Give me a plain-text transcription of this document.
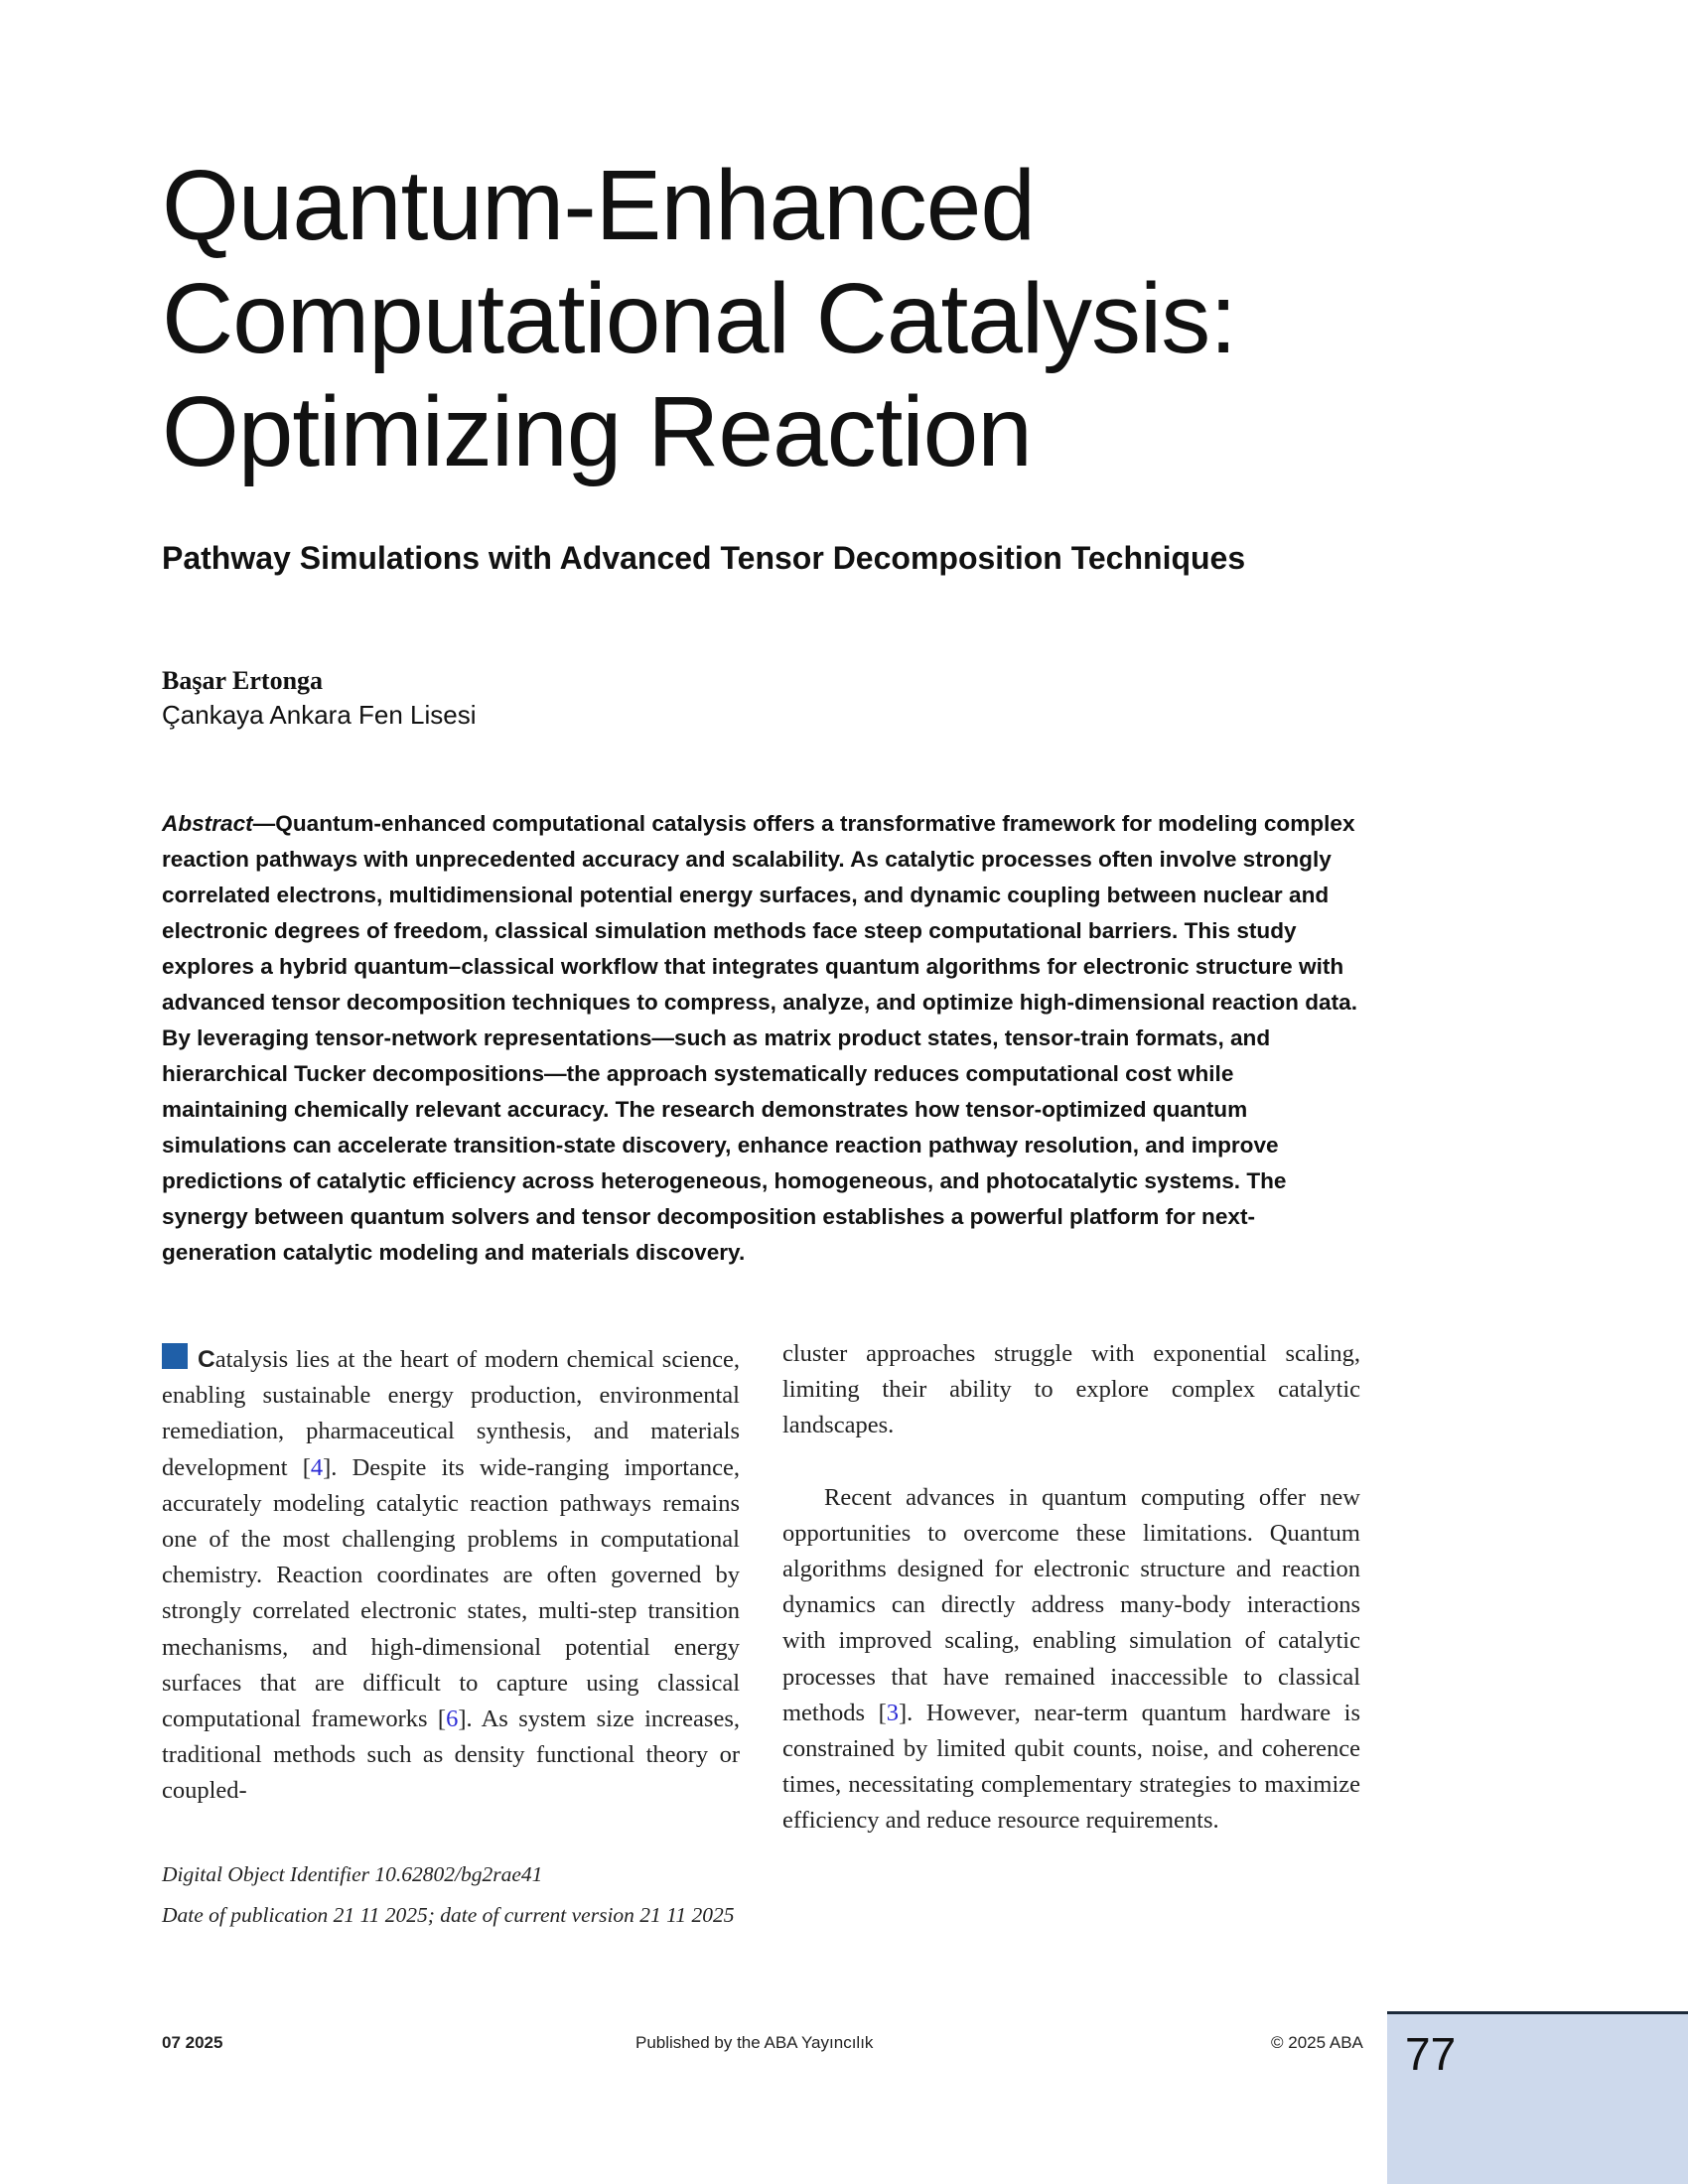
Quantum-Enhanced Computational Catalysis: Optimizing Reaction
Pathway Simulations with Advanced Tensor Decomposition Techniques
Başar Ertonga
Çankaya Ankara Fen Lisesi

Abstract—Quantum-enhanced computational catalysis offers a transformative framework for modeling complex reaction pathways with unprecedented accuracy and scalability. As catalytic processes often involve strongly correlated electrons, multidimensional potential energy surfaces, and dynamic coupling between nuclear and electronic degrees of freedom, classical simulation methods face steep computational barriers. This study explores a hybrid quantum–classical workflow that integrates quantum algorithms for electronic structure with advanced tensor decomposition techniques to compress, analyze, and optimize high-dimensional reaction data. By leveraging tensor-network representations—such as matrix product states, tensor-train formats, and hierarchical Tucker decompositions—the approach systematically reduces computational cost while maintaining chemically relevant accuracy. The research demonstrates how tensor-optimized quantum simulations can accelerate transition-state discovery, enhance reaction pathway resolution, and improve predictions of catalytic efficiency across heterogeneous, homogeneous, and photocatalytic systems. The synergy between quantum solvers and tensor decomposition establishes a powerful platform for next-generation catalytic modeling and materials discovery.

Catalysis lies at the heart of modern chemical science, enabling sustainable energy production, environmental remediation, pharmaceutical synthesis, and materials development [4]. Despite its wide-ranging importance, accurately modeling catalytic reaction pathways remains one of the most challenging problems in computational chemistry. Reaction coordinates are often governed by strongly correlated electronic states, multi-step transition mechanisms, and high-dimensional potential energy surfaces that are difficult to capture using classical computational frameworks [6]. As system size increases, traditional methods such as density functional theory or coupled-

Digital Object Identifier 10.62802/bg2rae41
Date of publication 21 11 2025; date of current version 21 11 2025

cluster approaches struggle with exponential scaling, limiting their ability to explore complex catalytic landscapes.

Recent advances in quantum computing offer new opportunities to overcome these limitations. Quantum algorithms designed for electronic structure and reaction dynamics can directly address many-body interactions with improved scaling, enabling simulation of catalytic processes that have remained inaccessible to classical methods [3]. However, near-term quantum hardware is constrained by limited qubit counts, noise, and coherence times, necessitating complementary strategies to maximize efficiency and reduce resource requirements.

07 2025	Published by the ABA Yayıncılık	© 2025 ABA 77
